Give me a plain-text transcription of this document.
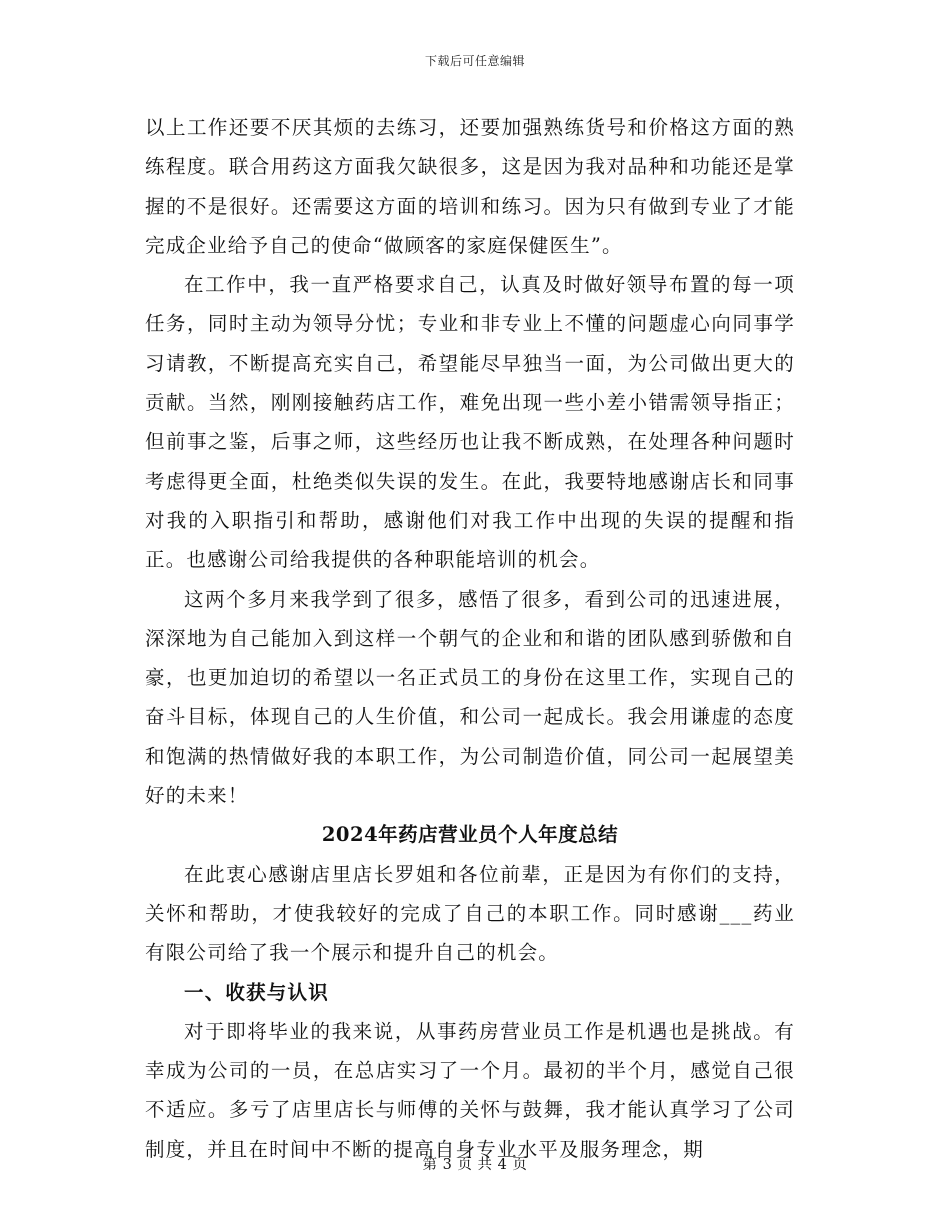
下载后可任意编辑

以上工作还要不厌其烦的去练习，还要加强熟练货号和价格这方面的熟练程度。联合用药这方面我欠缺很多，这是因为我对品种和功能还是掌握的不是很好。还需要这方面的培训和练习。因为只有做到专业了才能完成企业给予自己的使命“做顾客的家庭保健医生”。

在工作中，我一直严格要求自己，认真及时做好领导布置的每一项任务，同时主动为领导分忧；专业和非专业上不懂的问题虚心向同事学习请教，不断提高充实自己，希望能尽早独当一面，为公司做出更大的贡献。当然，刚刚接触药店工作，难免出现一些小差小错需领导指正；但前事之鉴，后事之师，这些经历也让我不断成熟，在处理各种问题时考虑得更全面，杜绝类似失误的发生。在此，我要特地感谢店长和同事对我的入职指引和帮助，感谢他们对我工作中出现的失误的提醒和指正。也感谢公司给我提供的各种职能培训的机会。

这两个多月来我学到了很多，感悟了很多，看到公司的迅速进展，深深地为自己能加入到这样一个朝气的企业和和谐的团队感到骄傲和自豪，也更加迫切的希望以一名正式员工的身份在这里工作，实现自己的奋斗目标，体现自己的人生价值，和公司一起成长。我会用谦虚的态度和饱满的热情做好我的本职工作，为公司制造价值，同公司一起展望美好的未来！

2024年药店营业员个人年度总结

在此衷心感谢店里店长罗姐和各位前辈，正是因为有你们的支持，关怀和帮助，才使我较好的完成了自己的本职工作。同时感谢___药业有限公司给了我一个展示和提升自己的机会。

一、收获与认识

对于即将毕业的我来说，从事药房营业员工作是机遇也是挑战。有幸成为公司的一员，在总店实习了一个月。最初的半个月，感觉自己很不适应。多亏了店里店长与师傅的关怀与鼓舞，我才能认真学习了公司制度，并且在时间中不断的提高自身专业水平及服务理念，期

第 3 页 共 4 页
